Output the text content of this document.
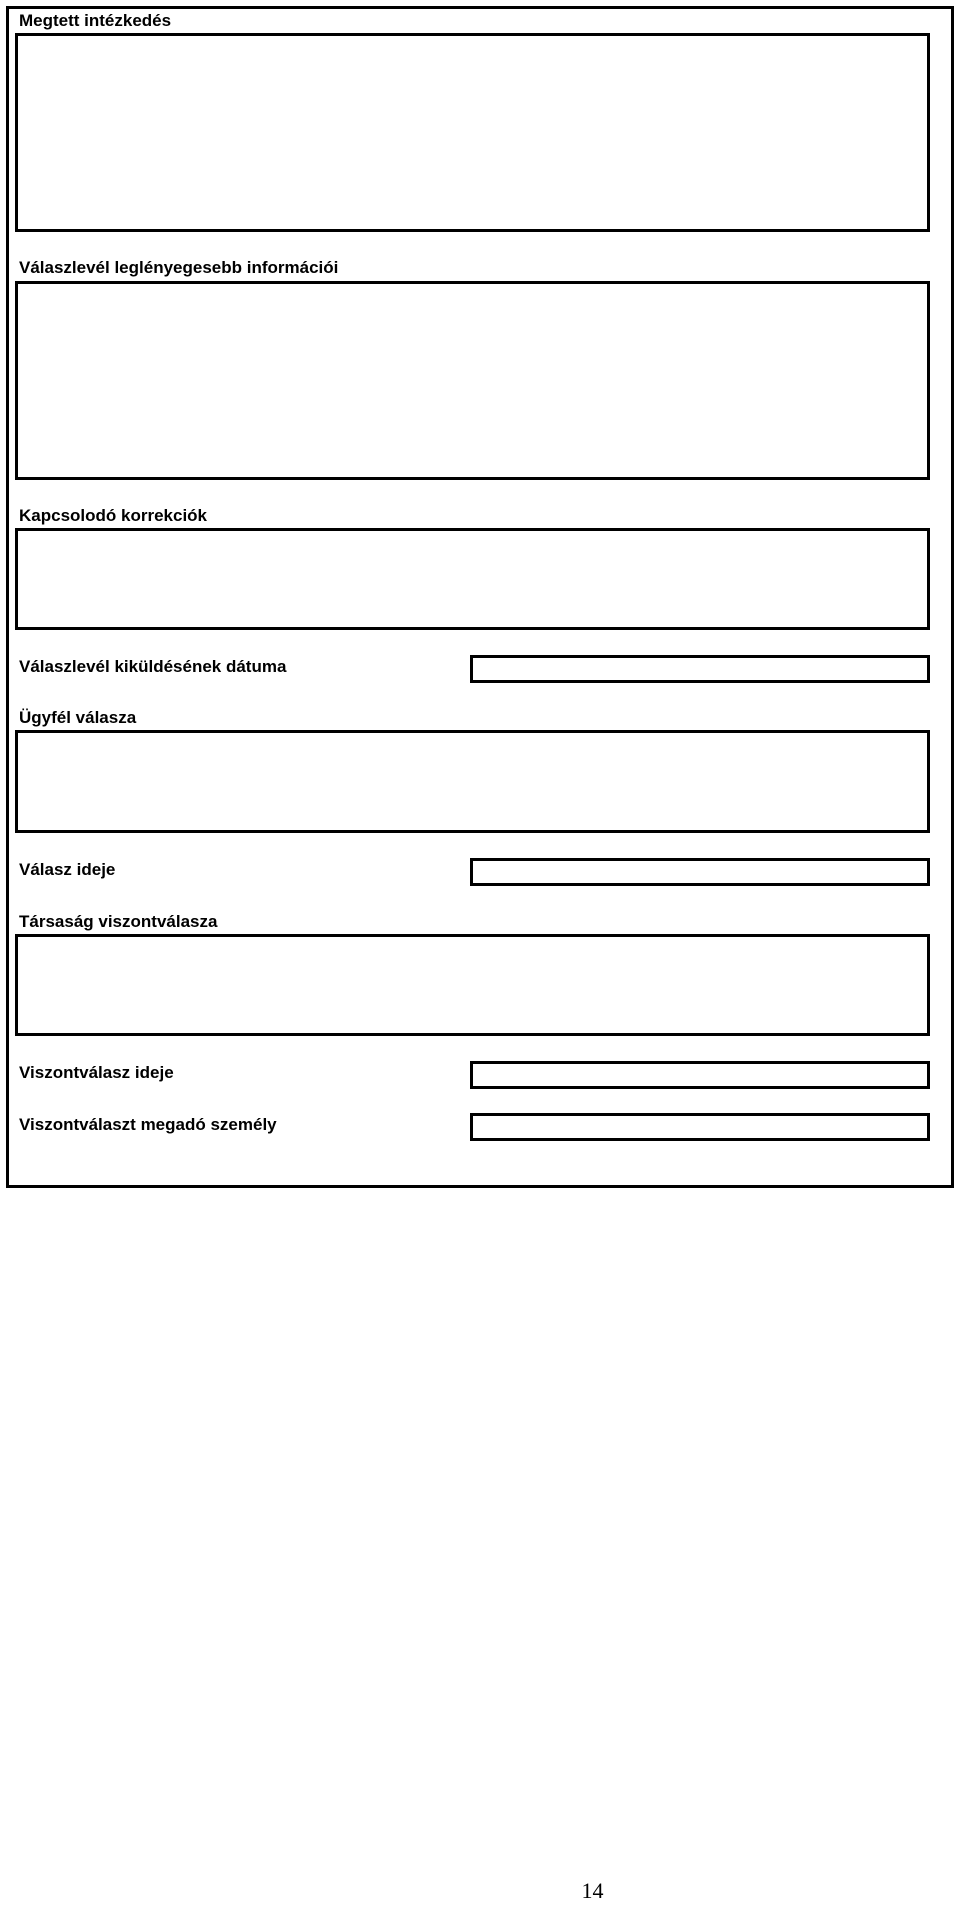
Megtett intézkedés
Válaszlevél leglényegesebb információi
Kapcsolodó korrekciók
Válaszlevél kiküldésének dátuma
Ügyfél válasza
Válasz ideje
Társaság viszontválasza
Viszontválasz ideje
Viszontválaszt megadó személy
14
